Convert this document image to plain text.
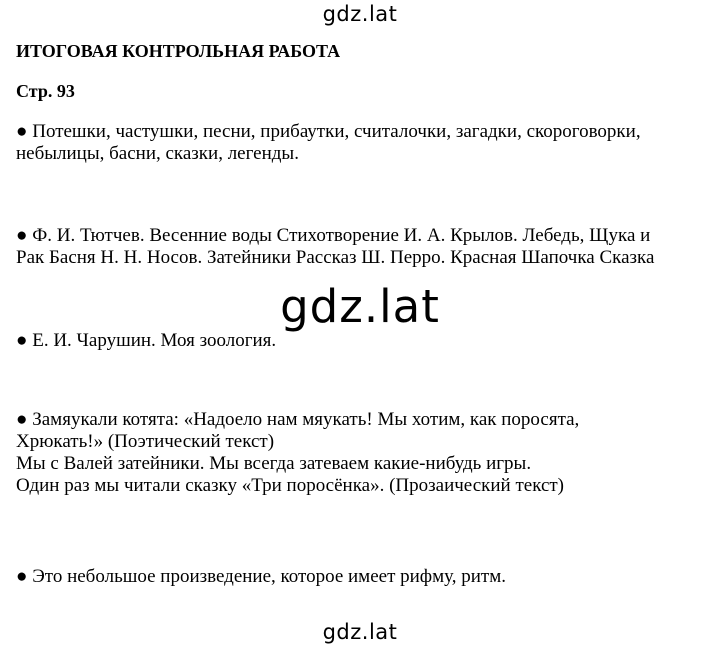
gdz.lat
ИТОГОВАЯ КОНТРОЛЬНАЯ РАБОТА
Стр. 93
● Потешки, частушки, песни, прибаутки, считалочки, загадки, скороговорки,
небылицы, басни, сказки, легенды.
● Ф. И. Тютчев. Весенние воды Стихотворение И. А. Крылов. Лебедь, Щука и
Рак Басня Н. Н. Носов. Затейники Рассказ Ш. Перро. Красная Шапочка Сказка
● Е. И. Чарушин. Моя зоология.
● Замяукали котята: «Надоело нам мяукать! Мы хотим, как поросята,
Хрюкать!» (Поэтический текст)
Мы с Валей затейники. Мы всегда затеваем какие-нибудь игры.
Один раз мы читали сказку «Три поросёнка». (Прозаический текст)
● Это небольшое произведение, которое имеет рифму, ритм.
gdz.lat
gdz.lat
